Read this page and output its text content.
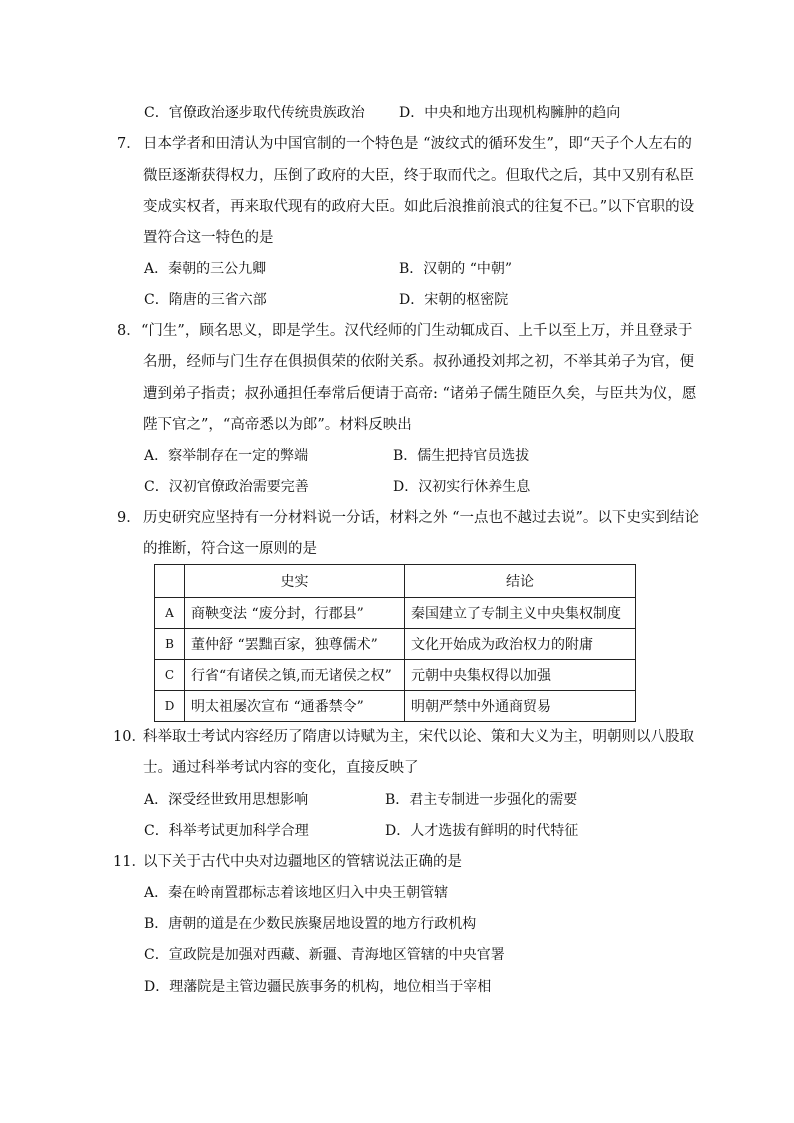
C．官僚政治逐步取代传统贵族政治 D．中央和地方出现机构臃肿的趋向
7． 日本学者和田清认为中国官制的一个特色是 “波纹式的循环发生”，即“天子个人左右的
微臣逐渐获得权力，压倒了政府的大臣，终于取而代之。但取代之后，其中又别有私臣
变成实权者，再来取代现有的政府大臣。如此后浪推前浪式的往复不已。”以下官职的设
置符合这一特色的是
A．秦朝的三公九卿	B．汉朝的 “中朝”
C．隋唐的三省六部	D．宋朝的枢密院
8． “门生”，顾名思义，即是学生。汉代经师的门生动辄成百、上千以至上万，并且登录于
名册，经师与门生存在俱损俱荣的依附关系。叔孙通投刘邦之初，不举其弟子为官，便
遭到弟子指责；叔孙通担任奉常后便请于高帝: “诸弟子儒生随臣久矣，与臣共为仪，愿
陛下官之”，“高帝悉以为郎”。材料反映出
A．察举制存在一定的弊端	B．儒生把持官员选拔
C．汉初官僚政治需要完善	D．汉初实行休养生息
9． 历史研究应坚持有一分材料说一分话，材料之外 “一点也不越过去说”。以下史实到结论
的推断，符合这一原则的是
	史实	结论
A	商鞅变法 “废分封，行郡县”	秦国建立了专制主义中央集权制度
B	董仲舒 “罢黜百家，独尊儒术”	文化开始成为政治权力的附庸
C	行省“有诸侯之镇,而无诸侯之权”	元朝中央集权得以加强
D	明太祖屡次宣布 “通番禁令”	明朝严禁中外通商贸易
10．
科举取士考试内容经历了隋唐以诗赋为主，宋代以论、策和大义为主，明朝则以八股取
士。通过科举考试内容的变化，直接反映了
A．深受经世致用思想影响	B．君主专制进一步强化的需要
C．科举考试更加科学合理	D．人才选拔有鲜明的时代特征
11．
以下关于古代中央对边疆地区的管辖说法正确的是
A．秦在岭南置郡标志着该地区归入中央王朝管辖
B．唐朝的道是在少数民族聚居地设置的地方行政机构
C．宣政院是加强对西藏、新疆、青海地区管辖的中央官署
D．理藩院是主管边疆民族事务的机构，地位相当于宰相
